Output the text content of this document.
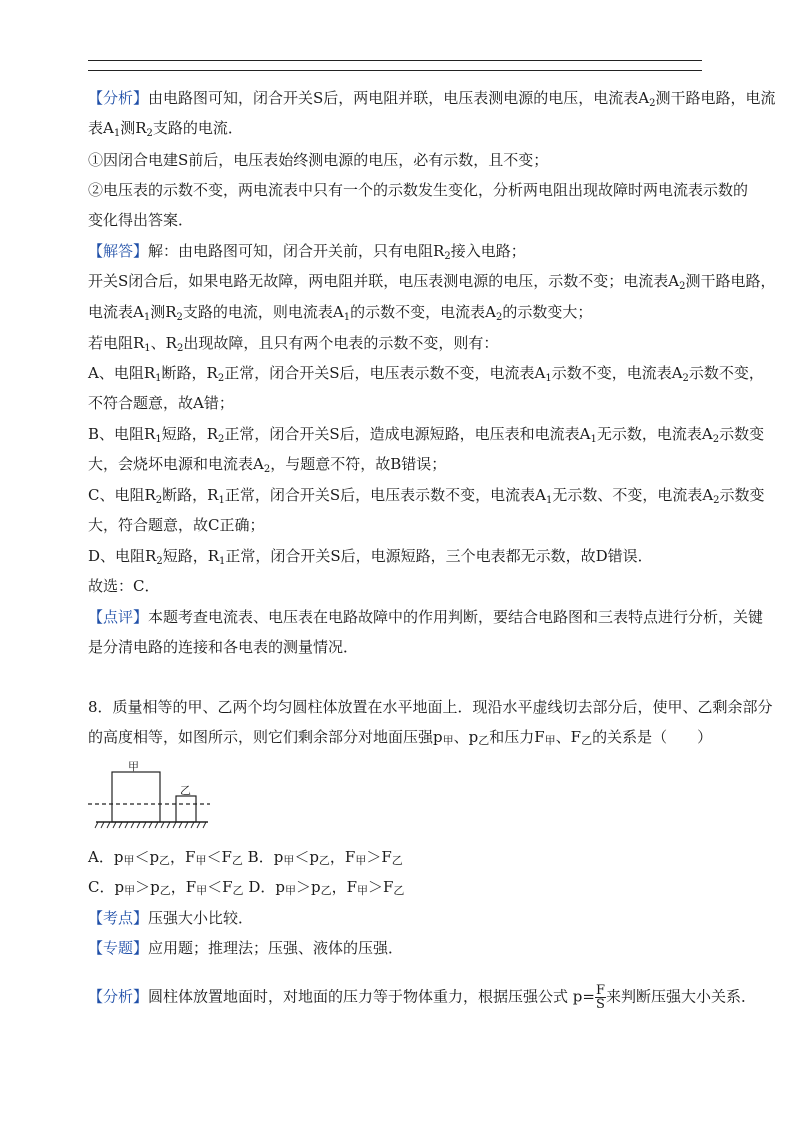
【分析】由电路图可知，闭合开关S后，两电阻并联，电压表测电源的电压，电流表$A_2$测干路电路，电流
表$A_1$测$R_2$支路的电流．
①因闭合电建S前后，电压表始终测电源的电压，必有示数，且不变；
②电压表的示数不变，两电流表中只有一个的示数发生变化，分析两电阻出现故障时两电流表示数的
变化得出答案．
【解答】解：由电路图可知，闭合开关前，只有电阻$R_2$接入电路；
开关S闭合后，如果电路无故障，两电阻并联，电压表测电源的电压，示数不变；电流表$A_2$测干路电路，
电流表$A_1$测$R_2$支路的电流，则电流表$A_1$的示数不变，电流表$A_2$的示数变大；
若电阻$R_1$、$R_2$出现故障，且只有两个电表的示数不变，则有：
A、电阻$R_1$断路，$R_2$正常，闭合开关S后，电压表示数不变，电流表$A_1$示数不变，电流表$A_2$示数不变，
不符合题意，故A错；
B、电阻$R_1$短路，$R_2$正常，闭合开关S后，造成电源短路，电压表和电流表$A_1$无示数，电流表$A_2$示数变
大，会烧坏电源和电流表$A_2$，与题意不符，故B错误；
C、电阻$R_2$断路，$R_1$正常，闭合开关S后，电压表示数不变，电流表$A_1$无示数、不变，电流表$A_2$示数变
大，符合题意，故C正确；
D、电阻$R_2$短路，$R_1$正常，闭合开关S后，电源短路，三个电表都无示数，故D错误．
故选：C．
【点评】本题考查电流表、电压表在电路故障中的作用判断，要结合电路图和三表特点进行分析，关键
是分清电路的连接和各电表的测量情况．
8．质量相等的甲、乙两个均匀圆柱体放置在水平地面上．现沿水平虚线切去部分后，使甲、乙剩余部分
的高度相等，如图所示，则它们剩余部分对地面压强p甲、p乙和压力F甲、F乙的关系是（　　）
甲
乙
A．p甲＜p乙，F甲＜F乙 B．p甲＜p乙，F甲＞F乙
C．p甲＞p乙，F甲＜F乙 D．p甲＞p乙，F甲＞F乙
【考点】压强大小比较．
【专题】应用题；推理法；压强、液体的压强．
【分析】圆柱体放置地面时，对地面的压力等于物体重力，根据压强公式 $p= \frac{F}{S}$ 来判断压强大小关系．
